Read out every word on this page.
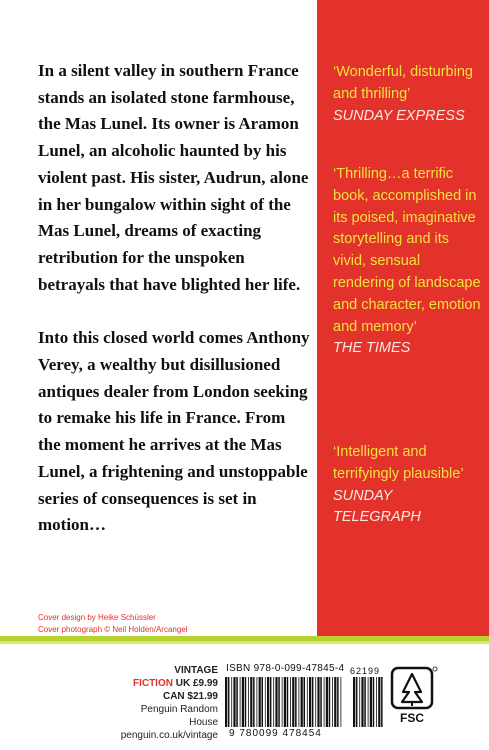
In a silent valley in southern France stands an isolated stone farmhouse, the Mas Lunel. Its owner is Aramon Lunel, an alcoholic haunted by his violent past. His sister, Audrun, alone in her bungalow within sight of the Mas Lunel, dreams of exacting retribution for the unspoken betrayals that have blighted her life.

Into this closed world comes Anthony Verey, a wealthy but disillusioned antiques dealer from London seeking to remake his life in France. From the moment he arrives at the Mas Lunel, a frightening and unstoppable series of consequences is set in motion…

‘Wonderful, disturbing and thrilling’
SUNDAY EXPRESS
‘Thrilling…a terrific book, accomplished in its poised, imaginative storytelling and its vivid, sensual rendering of landscape and character, emotion and memory’
THE TIMES
‘Intelligent and terrifyingly plausible’
SUNDAY TELEGRAPH
Cover design by Heike Schüssler
Cover photograph © Neil Holden/Arcangel
VINTAGE
FICTION UK £9.99
CAN $21.99
Penguin Random House
penguin.co.uk/vintage
ISBN 978-0-099-47845-4
9 780099 478454
62199
FSC
